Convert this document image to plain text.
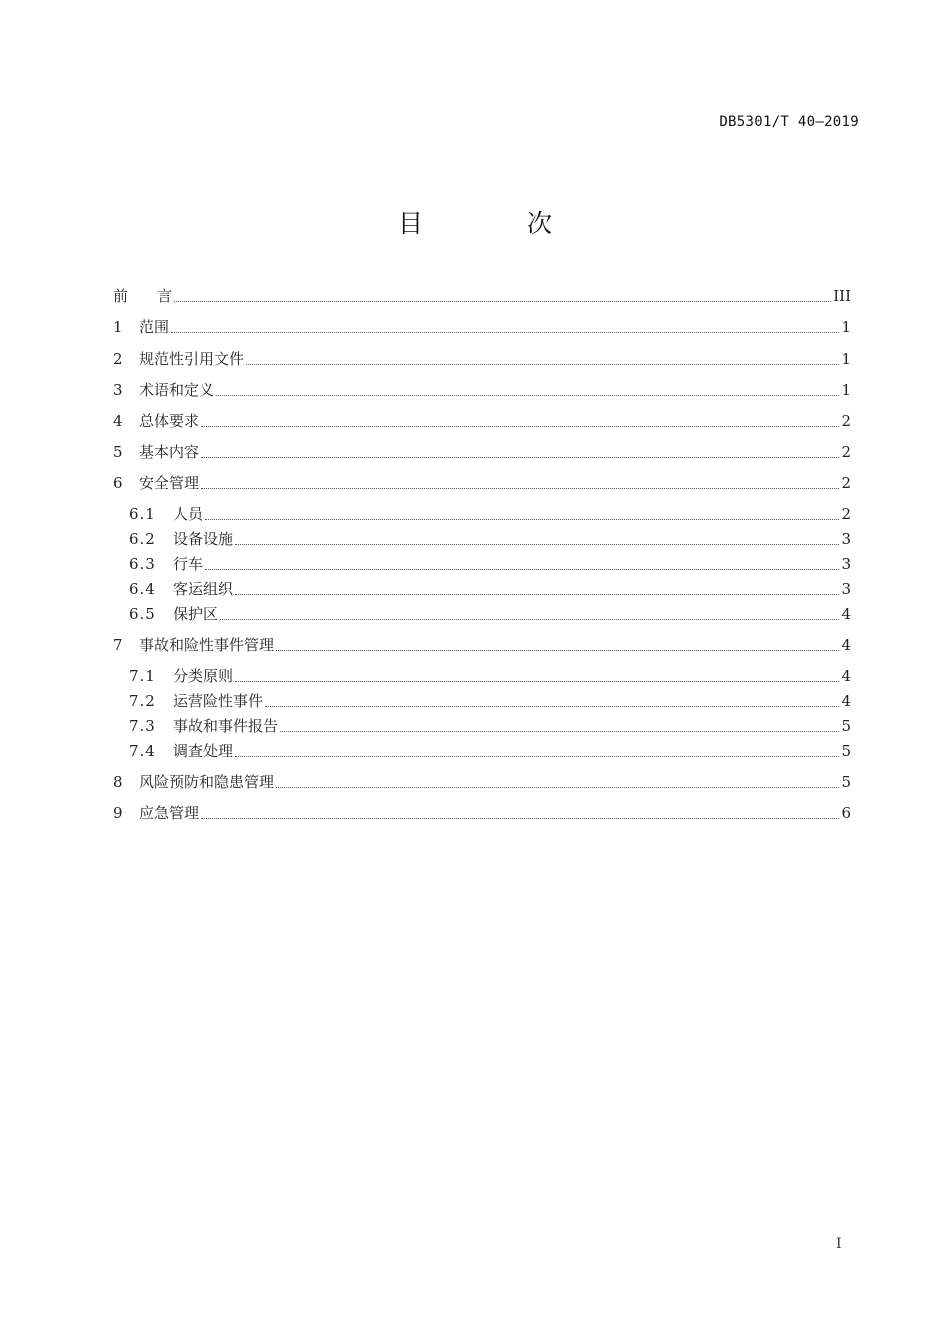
DB5301/T 40—2019
目 次
前 言	III
1	范围	1
2	规范性引用文件	1
3	术语和定义	1
4	总体要求	2
5	基本内容	2
6	安全管理	2
6.1	人员	2
6.2	设备设施	3
6.3	行车	3
6.4	客运组织	3
6.5	保护区	4
7	事故和险性事件管理	4
7.1	分类原则	4
7.2	运营险性事件	4
7.3	事故和事件报告	5
7.4	调查处理	5
8	风险预防和隐患管理	5
9	应急管理	6
I
